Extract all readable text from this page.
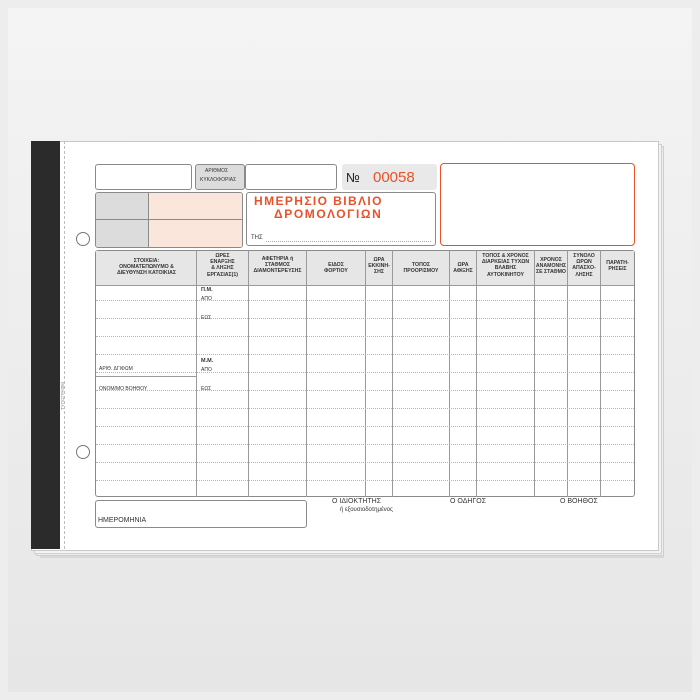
ΤΥΠΟΓΡΑΦΕΙ
ΑΡΙΘΜΟΣ
ΚΥΚΛΟΦΟΡΙΑΣ	№ 00058
ΗΜΕΡΗΣΙΟ ΒΙΒΛΙΟ
ΔΡΟΜΟΛΟΓΙΩΝ
ΤΗΣ
ΣΤΟΙΧΕΙΑ:
ΟΝΟΜΑΤΕΠΩΝΥΜΟ &
ΔΙΕΥΘΥΝΣΗ ΚΑΤΟΙΚΙΑΣ
ΩΡΕΣ
ΕΝΑΡΞΗΣ
& ΛΗΞΗΣ
ΕΡΓΑΣΙΑΣ(1)
ΑΦΕΤΗΡΙΑ ή
ΣΤΑΘΜΟΣ
ΔΙΑΜΟΝΤΕΡΕΥΣΗΣ
ΕΙΔΟΣ
ΦΟΡΤΙΟΥ
ΩΡΑ
ΕΚΚΙΝΗ-
ΣΗΣ
ΤΟΠΟΣ
ΠΡΟΟΡΙΣΜΟΥ
ΩΡΑ
ΑΦΙΞΗΣ
ΤΟΠΟΣ & ΧΡΟΝΟΣ
ΔΙΑΡΚΕΙΑΣ ΤΥΧΩΝ
ΒΛΑΒΗΣ
ΑΥΤΟΚΙΝΗΤΟΥ
ΧΡΟΝΟΣ
ΑΝΑΜΟΝΗΣ
ΣΕ ΣΤΑΘΜΟ
ΣΥΝΟΛΟ
ΩΡΩΝ
ΑΠΑΣΧΟ-
ΛΗΣΗΣ
ΠΑΡΑΤΗ-
ΡΗΣΕΙΣ
Π.Μ.
ΑΠΟ
ΕΩΣ
Μ.Μ.
ΑΠΟ
ΕΩΣ
ΑΡΙΘ. ΔΓΙΦΩΜ
ΟΝΟΜ/ΜΟ ΒΟΗΘΟΥ
ΗΜΕΡΟΜΗΝΙΑ
Ο ΙΔΙΟΚΤΗΤΗΣ
ή εξουσιοδοτημένος
Ο ΟΔΗΓΟΣ	Ο ΒΟΗΘΟΣ
